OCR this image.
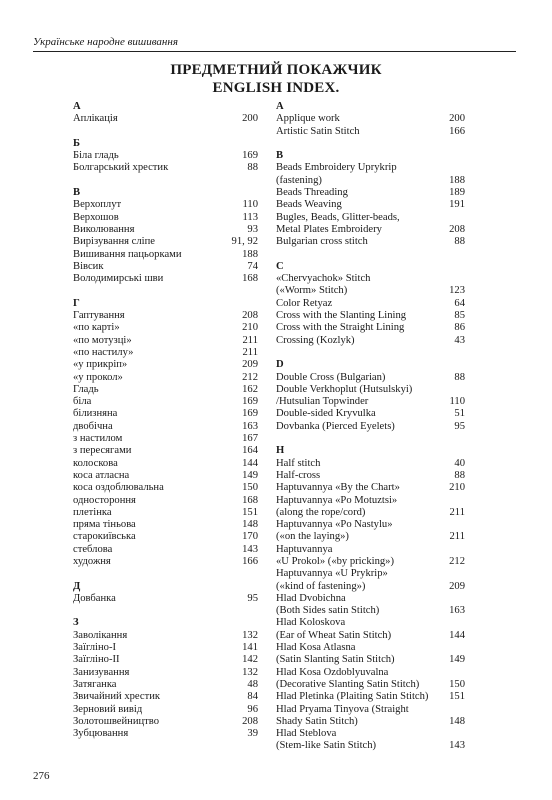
Українське народне вишивання
ПРЕДМЕТНИЙ ПОКАЖЧИК
ENGLISH INDEX.
А
Аплікація	200
Б
Біла гладь	169
Болгарський хрестик	88
В
Верхоплут	110
Верхошов	113
Виколювання	93
Вирізування сліпе	91, 92
Вишивання пацьорками	188
Вівсик	74
Володимирські шви	168
Г
Гаптування	208
«по карті»	210
«по мотузці»	211
«по настилу»	211
«у прикріп»	209
«у прокол»	212
Гладь	162
біла	169
білизняна	169
двобічна	163
з настилом	167
з пересягами	164
колоскова	144
коса атласна	149
коса оздоблювальна	150
одностороння	168
плетінка	151
пряма тіньова	148
старокиївська	170
стеблова	143
художня	166
Д
Довбанка	95
З
Заволікання	132
Заїгліно-І	141
Заїгліно-ІІ	142
Занизування	132
Затяганка	48
Звичайний хрестик	84
Зерновий вивід	96
Золотошвейництво	208
Зубцювання	39
A
Applique work	200
Artistic Satin Stitch	166
B
Beads Embroidery Uprykrip
(fastening)	188
Beads Threading	189
Beads Weaving	191
Bugles, Beads, Glitter-beads,
Metal Plates Embroidery	208
Bulgarian cross stitch	88
C
«Chervyachok» Stitch
(«Worm» Stitch)	123
Color Retyaz	64
Cross with the Slanting Lining	85
Cross with the Straight Lining	86
Crossing (Kozlyk)	43
D
Double Cross (Bulgarian)	88
Double Verkhoplut (Hutsulskyi)
/Hutsulian Topwinder	110
Double-sided Kryvulka	51
Dovbanka (Pierced Eyelets)	95
H
Half stitch	40
Half-cross	88
Haptuvannya «By the Chart»	210
Haptuvannya «Po Motuztsi»
(along the rope/cord)	211
Haptuvannya «Po Nastylu»
(«on the laying»)	211
Haptuvannya
«U Prokol» («by pricking»)	212
Haptuvannya «U Prykrip»
(«kind of fastening»)	209
Hlad Dvobichna
(Both Sides satin Stitch)	163
Hlad Koloskova
(Ear of Wheat Satin Stitch)	144
Hlad Kosa Atlasna
(Satin Slanting Satin Stitch)	149
Hlad Kosa Ozdoblyuvalna
(Decorative Slanting Satin Stitch)	150
Hlad Pletinka (Plaiting Satin Stitch)	151
Hlad Pryama Tinyova (Straight
Shady Satin Stitch)	148
Hlad Steblova
(Stem-like Satin Stitch)	143
276
